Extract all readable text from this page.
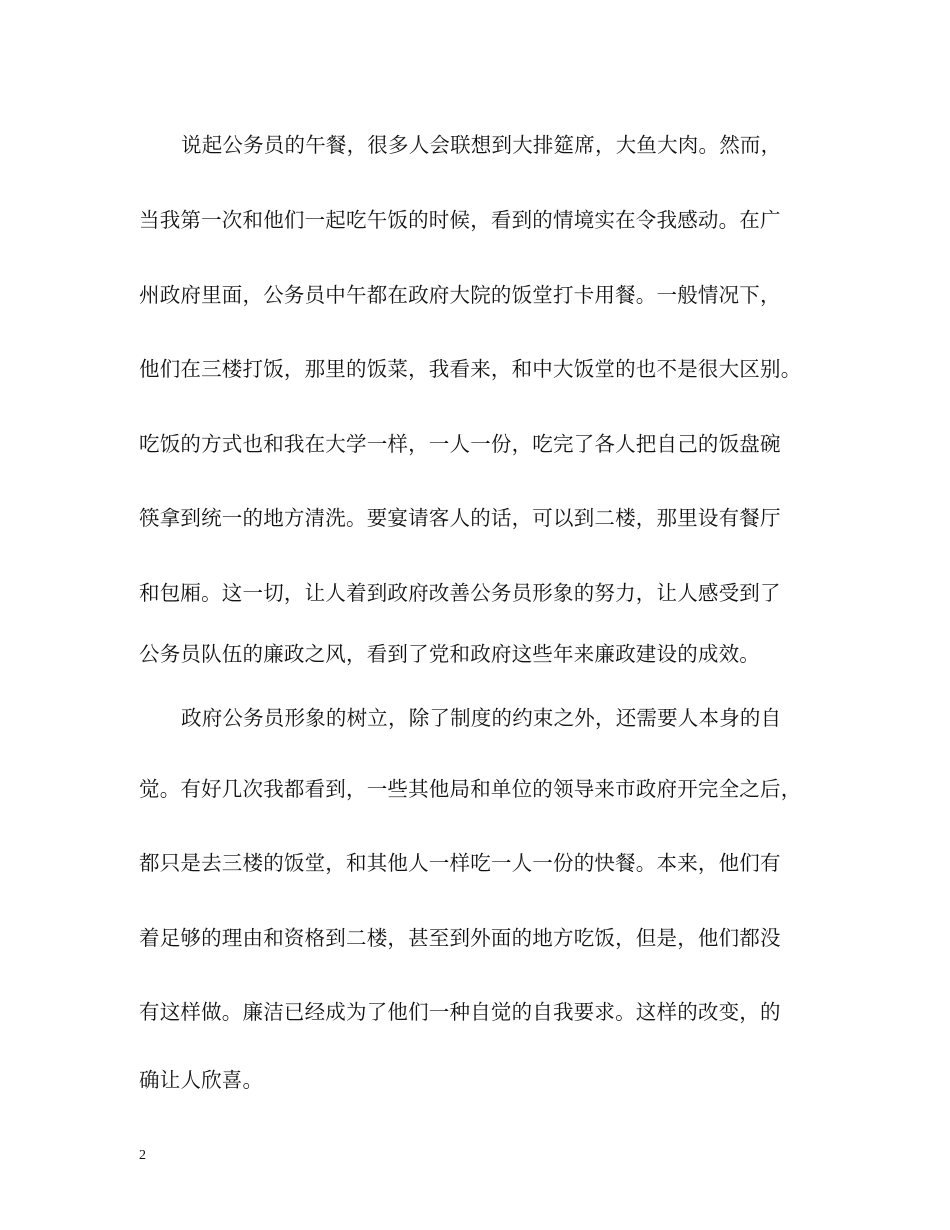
说起公务员的午餐，很多人会联想到大排筵席，大鱼大肉。然而，
当我第一次和他们一起吃午饭的时候，看到的情境实在令我感动。在广
州政府里面，公务员中午都在政府大院的饭堂打卡用餐。一般情况下，
他们在三楼打饭，那里的饭菜，我看来，和中大饭堂的也不是很大区别。
吃饭的方式也和我在大学一样，一人一份，吃完了各人把自己的饭盘碗
筷拿到统一的地方清洗。要宴请客人的话，可以到二楼，那里设有餐厅
和包厢。这一切，让人着到政府改善公务员形象的努力，让人感受到了
公务员队伍的廉政之风，看到了党和政府这些年来廉政建设的成效。
政府公务员形象的树立，除了制度的约束之外，还需要人本身的自
觉。有好几次我都看到，一些其他局和单位的领导来市政府开完全之后，
都只是去三楼的饭堂，和其他人一样吃一人一份的快餐。本来，他们有
着足够的理由和资格到二楼，甚至到外面的地方吃饭，但是，他们都没
有这样做。廉洁已经成为了他们一种自觉的自我要求。这样的改变，的
确让人欣喜。
2
